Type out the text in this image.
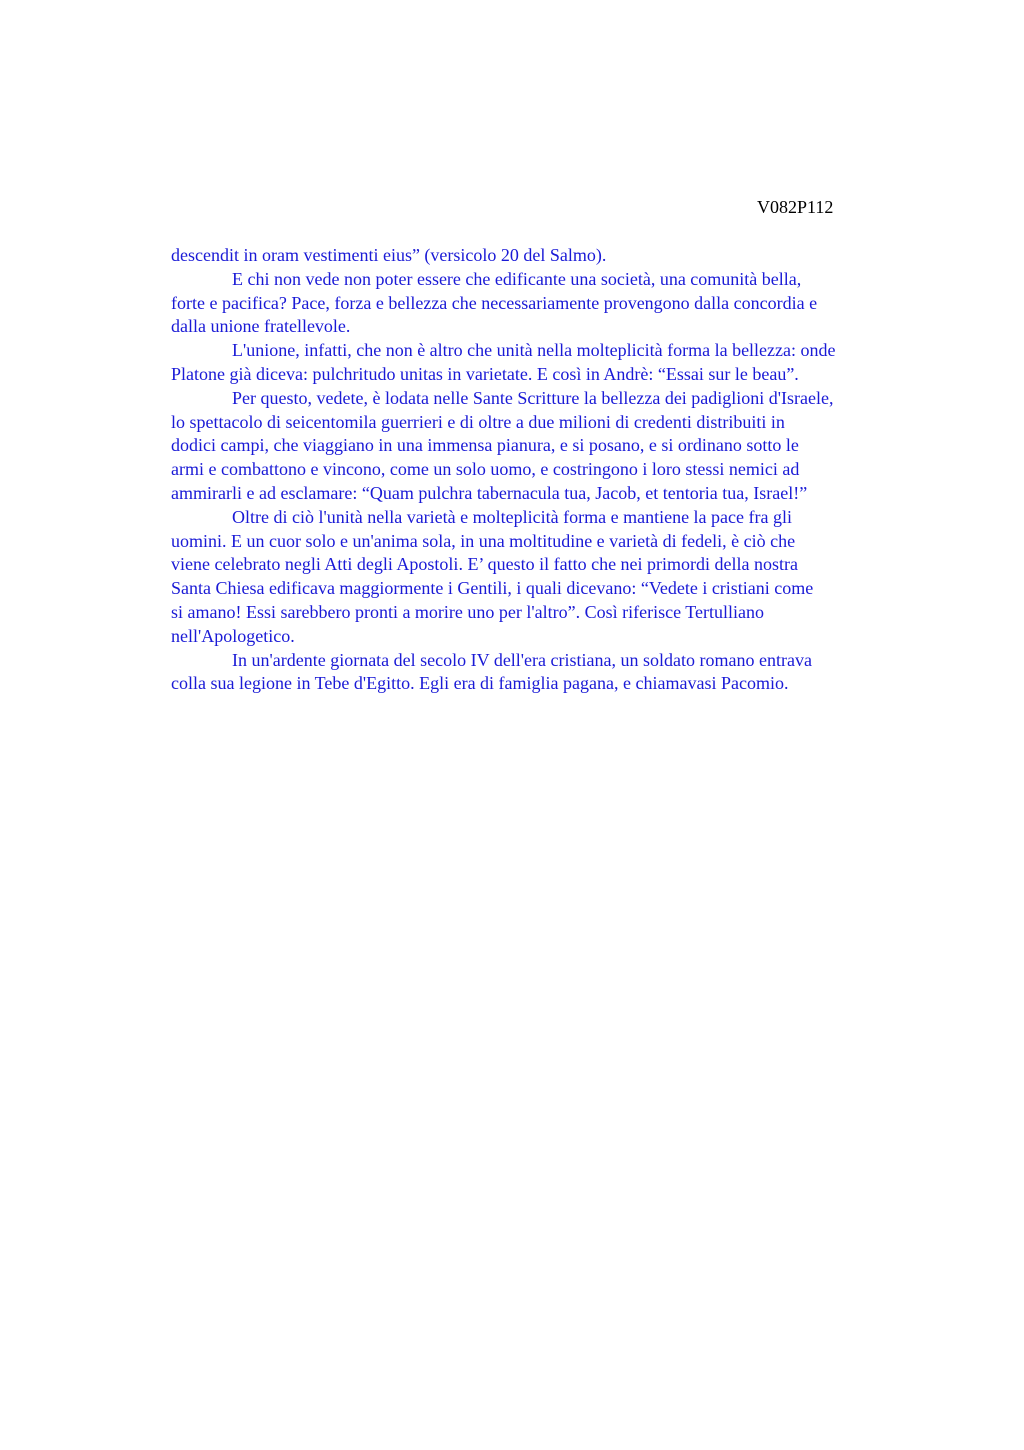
V082P112
descendit in oram vestimenti eius” (versicolo 20 del Salmo).
E chi non vede non poter essere che edificante una società, una comunità bella,
forte e pacifica? Pace, forza e bellezza che necessariamente provengono dalla concordia e
dalla unione fratellevole.
L'unione, infatti, che non è altro che unità nella molteplicità forma la bellezza: onde
Platone già diceva: pulchritudo unitas in varietate. E così in Andrè: “Essai sur le beau”.
Per questo, vedete, è lodata nelle Sante Scritture la bellezza dei padiglioni d'Israele,
lo spettacolo di seicentomila guerrieri e di oltre a due milioni di credenti distribuiti in
dodici campi, che viaggiano in una immensa pianura, e si posano, e si ordinano sotto le
armi e combattono e vincono, come un solo uomo, e costringono i loro stessi nemici ad
ammirarli e ad esclamare: “Quam pulchra tabernacula tua, Jacob, et tentoria tua, Israel!”
Oltre di ciò l'unità nella varietà e molteplicità forma e mantiene la pace fra gli
uomini. E un cuor solo e un'anima sola, in una moltitudine e varietà di fedeli, è ciò che
viene celebrato negli Atti degli Apostoli. E’ questo il fatto che nei primordi della nostra
Santa Chiesa edificava maggiormente i Gentili, i quali dicevano: “Vedete i cristiani come
si amano! Essi sarebbero pronti a morire uno per l'altro”. Così riferisce Tertulliano
nell'Apologetico.
In un'ardente giornata del secolo IV dell'era cristiana, un soldato romano entrava
colla sua legione in Tebe d'Egitto. Egli era di famiglia pagana, e chiamavasi Pacomio.
